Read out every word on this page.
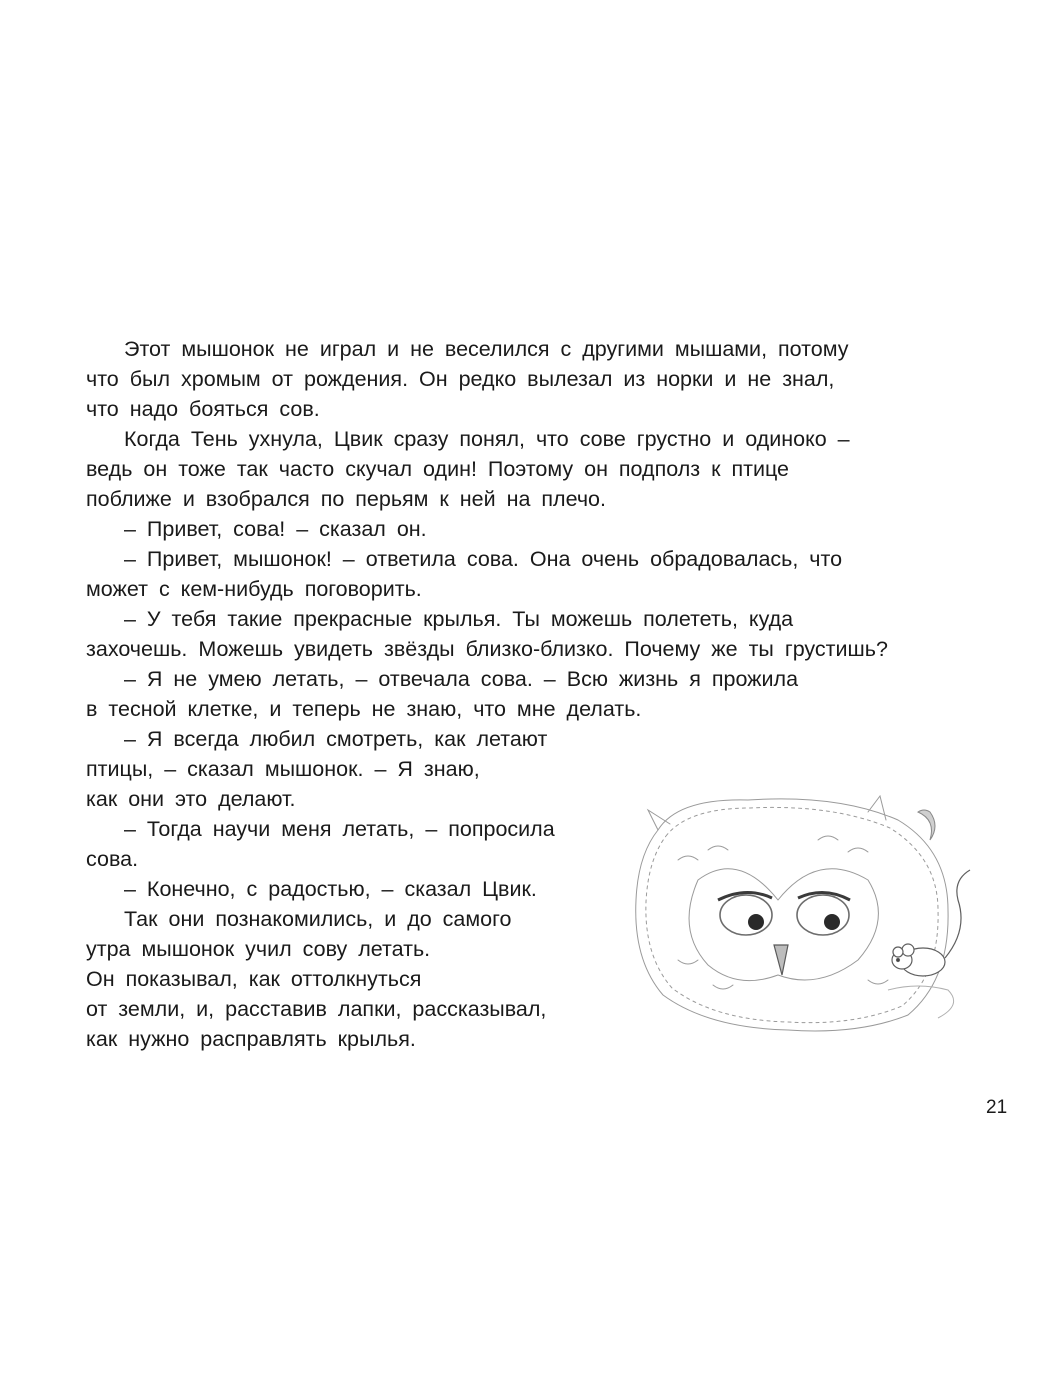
Этот мышонок не играл и не веселился с другими мышами, потому
что был хромым от рождения. Он редко вылезал из норки и не знал,
что надо бояться сов.
Когда Тень ухнула, Цвик сразу понял, что сове грустно и одиноко –
ведь он тоже так часто скучал один! Поэтому он подполз к птице
поближе и взобрался по перьям к ней на плечо.
– Привет, сова! – сказал он.
– Привет, мышонок! – ответила сова. Она очень обрадовалась, что
может с кем-нибудь поговорить.
– У тебя такие прекрасные крылья. Ты можешь полететь, куда
захочешь. Можешь увидеть звёзды близко-близко. Почему же ты грустишь?
– Я не умею летать, – отвечала сова. – Всю жизнь я прожила
в тесной клетке, и теперь не знаю, что мне делать.
– Я всегда любил смотреть, как летают
птицы, – сказал мышонок. – Я знаю,
как они это делают.
– Тогда научи меня летать, – попросила
сова.
– Конечно, с радостью, – сказал Цвик.
Так они познакомились, и до самого
утра мышонок учил сову летать.
Он показывал, как оттолкнуться
от земли, и, расставив лапки, рассказывал,
как нужно расправлять крылья.
21
